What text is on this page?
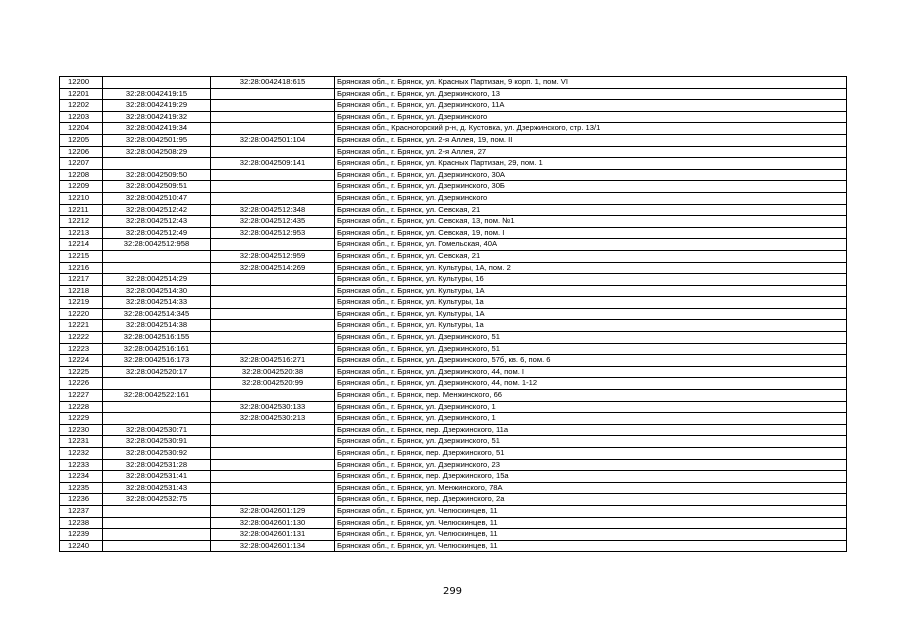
12200		32:28:0042418:615	Брянская обл., г. Брянск, ул. Красных Партизан, 9 корп. 1, пом. VI
12201	32:28:0042419:15		Брянская обл., г. Брянск, ул. Дзержинского, 13
12202	32:28:0042419:29		Брянская обл., г. Брянск, ул. Дзержинского, 11А
12203	32:28:0042419:32		Брянская обл., г. Брянск, ул. Дзержинского
12204	32:28:0042419:34		Брянская обл., Красногорский р-н, д. Кустовка, ул. Дзержинского, стр. 13/1
12205	32:28:0042501:95	32:28:0042501:104	Брянская обл., г. Брянск, ул. 2-я Аллея, 19, пом. II
12206	32:28:0042508:29		Брянская обл., г. Брянск, ул. 2-я Аллея, 27
12207		32:28:0042509:141	Брянская обл., г. Брянск, ул. Красных Партизан, 29, пом. 1
12208	32:28:0042509:50		Брянская обл., г. Брянск, ул. Дзержинского, 30А
12209	32:28:0042509:51		Брянская обл., г. Брянск, ул. Дзержинского, 30Б
12210	32:28:0042510:47		Брянская обл., г. Брянск, ул. Дзержинского
12211	32:28:0042512:42	32:28:0042512:348	Брянская обл., г. Брянск, ул. Севская, 21
12212	32:28:0042512:43	32:28:0042512:435	Брянская обл., г. Брянск, ул. Севская, 13, пом. №1
12213	32:28:0042512:49	32:28:0042512:953	Брянская обл., г. Брянск, ул. Севская, 19, пом. I
12214	32:28:0042512:958		Брянская обл., г. Брянск, ул. Гомельская, 40А
12215		32:28:0042512:959	Брянская обл., г. Брянск, ул. Севская, 21
12216		32:28:0042514:269	Брянская обл., г. Брянск, ул. Культуры, 1А, пом. 2
12217	32:28:0042514:29		Брянская обл., г. Брянск, ул. Культуры, 16
12218	32:28:0042514:30		Брянская обл., г. Брянск, ул. Культуры, 1А
12219	32:28:0042514:33		Брянская обл., г. Брянск, ул. Культуры, 1а
12220	32:28:0042514:345		Брянская обл., г. Брянск, ул. Культуры, 1А
12221	32:28:0042514:38		Брянская обл., г. Брянск, ул. Культуры, 1а
12222	32:28:0042516:155		Брянская обл., г. Брянск, ул. Дзержинского, 51
12223	32:28:0042516:161		Брянская обл., г. Брянск, ул. Дзержинского, 51
12224	32:28:0042516:173	32:28:0042516:271	Брянская обл., г. Брянск, ул. Дзержинского, 57б, кв. 6, пом. 6
12225	32:28:0042520:17	32:28:0042520:38	Брянская обл., г. Брянск, ул. Дзержинского, 44, пом. I
12226		32:28:0042520:99	Брянская обл., г. Брянск, ул. Дзержинского, 44, пом. 1-12
12227	32:28:0042522:161		Брянская обл., г. Брянск, пер. Менжинского, 66
12228		32:28:0042530:133	Брянская обл., г. Брянск, ул. Дзержинского, 1
12229		32:28:0042530:213	Брянская обл., г. Брянск, ул. Дзержинского, 1
12230	32:28:0042530:71		Брянская обл., г. Брянск, пер. Дзержинского, 11а
12231	32:28:0042530:91		Брянская обл., г. Брянск, ул. Дзержинского, 51
12232	32:28:0042530:92		Брянская обл., г. Брянск, пер. Дзержинского, 51
12233	32:28:0042531:28		Брянская обл., г. Брянск, ул. Дзержинского, 23
12234	32:28:0042531:41		Брянская обл., г. Брянск, пер. Дзержинского, 15а
12235	32:28:0042531:43		Брянская обл., г. Брянск, ул. Менжинского, 78А
12236	32:28:0042532:75		Брянская обл., г. Брянск, пер. Дзержинского, 2а
12237		32:28:0042601:129	Брянская обл., г. Брянск, ул. Челюскинцев, 11
12238		32:28:0042601:130	Брянская обл., г. Брянск, ул. Челюскинцев, 11
12239		32:28:0042601:131	Брянская обл., г. Брянск, ул. Челюскинцев, 11
12240		32:28:0042601:134	Брянская обл., г. Брянск, ул. Челюскинцев, 11
299
